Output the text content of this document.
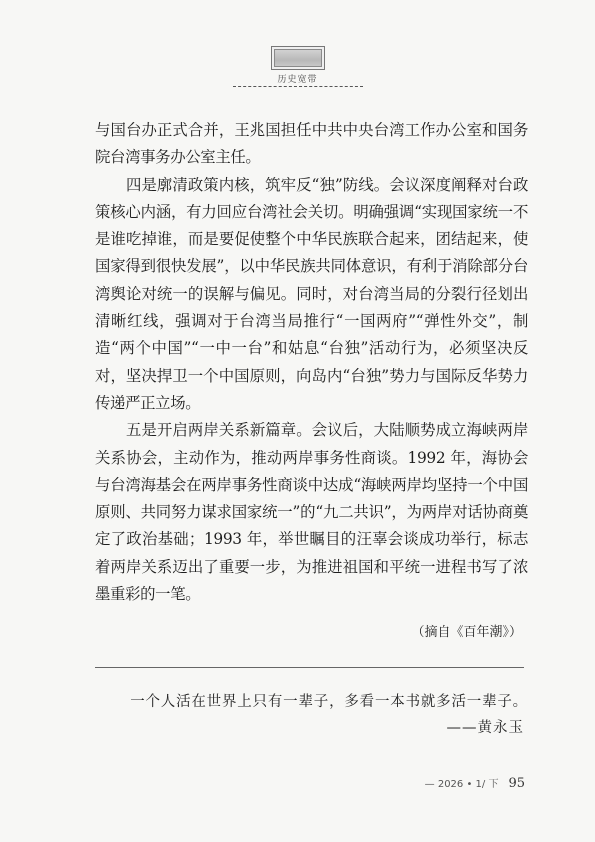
历史宽带

与国台办正式合并，王兆国担任中共中央台湾工作办公室和国务院台湾事务办公室主任。

四是廓清政策内核，筑牢反“独”防线。会议深度阐释对台政策核心内涵，有力回应台湾社会关切。明确强调“实现国家统一不是谁吃掉谁，而是要促使整个中华民族联合起来，团结起来，使国家得到很快发展”，以中华民族共同体意识，有利于消除部分台湾舆论对统一的误解与偏见。同时，对台湾当局的分裂行径划出清晰红线，强调对于台湾当局推行“一国两府”“弹性外交”，制造“两个中国”“一中一台”和姑息“台独”活动行为，必须坚决反对，坚决捍卫一个中国原则，向岛内“台独”势力与国际反华势力传递严正立场。

五是开启两岸关系新篇章。会议后，大陆顺势成立海峡两岸关系协会，主动作为，推动两岸事务性商谈。1992 年，海协会与台湾海基会在两岸事务性商谈中达成“海峡两岸均坚持一个中国原则、共同努力谋求国家统一”的“九二共识”，为两岸对话协商奠定了政治基础；1993 年，举世瞩目的汪辜会谈成功举行，标志着两岸关系迈出了重要一步，为推进祖国和平统一进程书写了浓墨重彩的一笔。

（摘自《百年潮》）
一个人活在世界上只有一辈子，多看一本书就多活一辈子。
——黄永玉
— 2026 • 1/ 下 95
